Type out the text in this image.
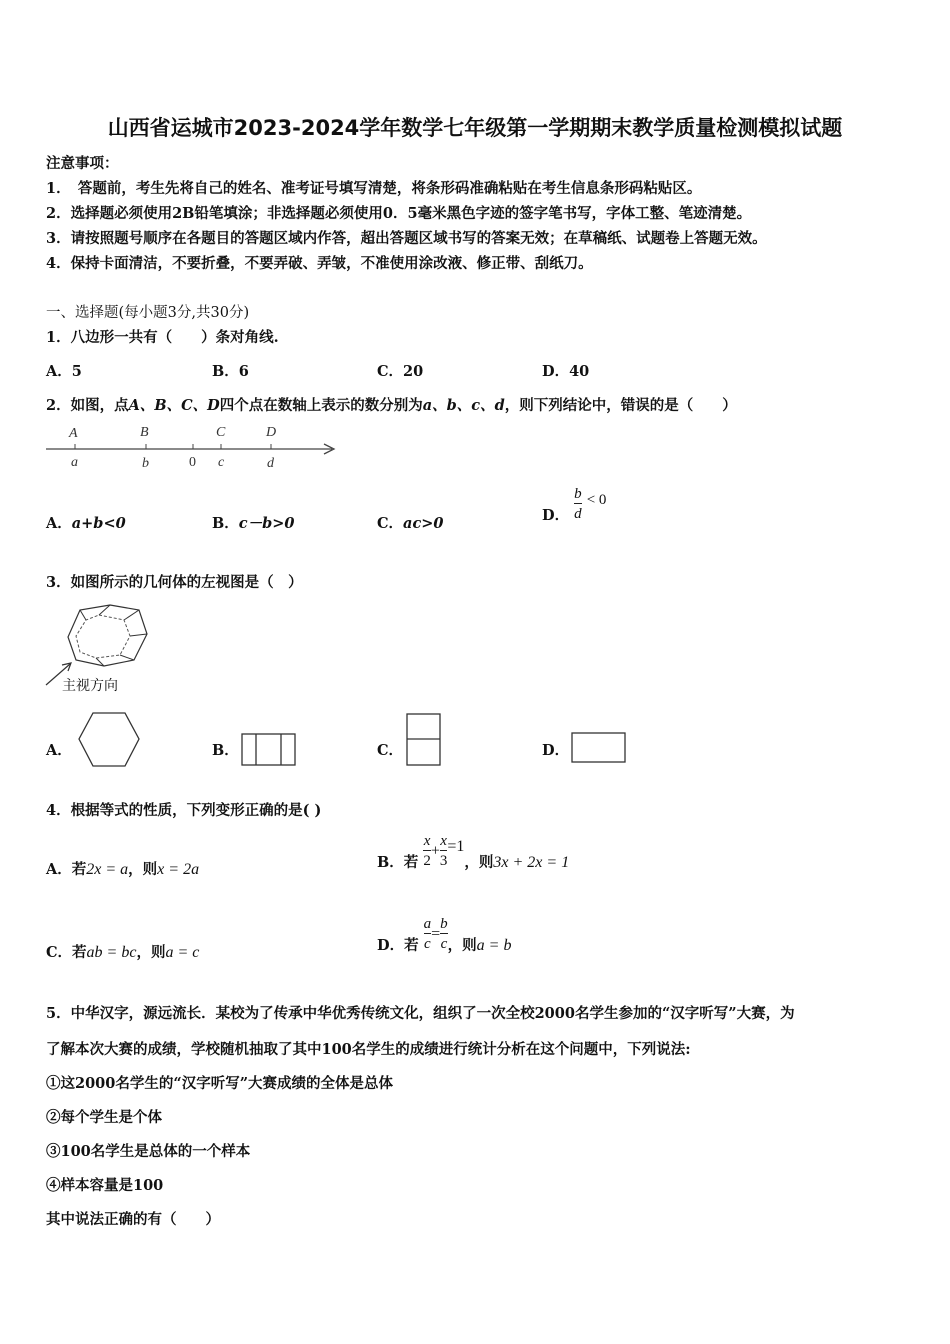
山西省运城市2023-2024学年数学七年级第一学期期末教学质量检测模拟试题
注意事项：
1．　答题前，考生先将自己的姓名、准考证号填写清楚，将条形码准确粘贴在考生信息条形码粘贴区。
2．选择题必须使用2B铅笔填涂；非选择题必须使用0．5毫米黑色字迹的签字笔书写，字体工整、笔迹清楚。
3．请按照题号顺序在各题目的答题区域内作答，超出答题区域书写的答案无效；在草稿纸、试题卷上答题无效。
4．保持卡面清洁，不要折叠，不要弄破、弄皱，不准使用涂改液、修正带、刮纸刀。
一、选择题(每小题3分,共30分)
1．八边形一共有（　　）条对角线.
A．5	B．6	C．20	D．40
2．如图，点A、B、C、D四个点在数轴上表示的数分别为a、b、c、d，则下列结论中，错误的是（　　）
A	B	C	D
a	b	0 c	d
A．a+b<0	B．c－b>0	C．ac>0	D．
b

d
< 0
3．如图所示的几何体的左视图是（　）
主视方向
A．	B．	C．	D．
4．根据等式的性质，下列变形正确的是( )
A．若2x = a，则x = 2a	B．若
x

2
+
x

3
=1，则3x + 2x = 1
C．若ab = bc，则a = c	D．若
a

c
=
b

c ，则a = b
5．中华汉字，源远流长．某校为了传承中华优秀传统文化，组织了一次全校2000名学生参加的“汉字听写”大赛，为
了解本次大赛的成绩，学校随机抽取了其中100名学生的成绩进行统计分析在这个问题中，下列说法:
①这2000名学生的“汉字听写”大赛成绩的全体是总体
②每个学生是个体
③100名学生是总体的一个样本
④样本容量是100
其中说法正确的有（　　）
